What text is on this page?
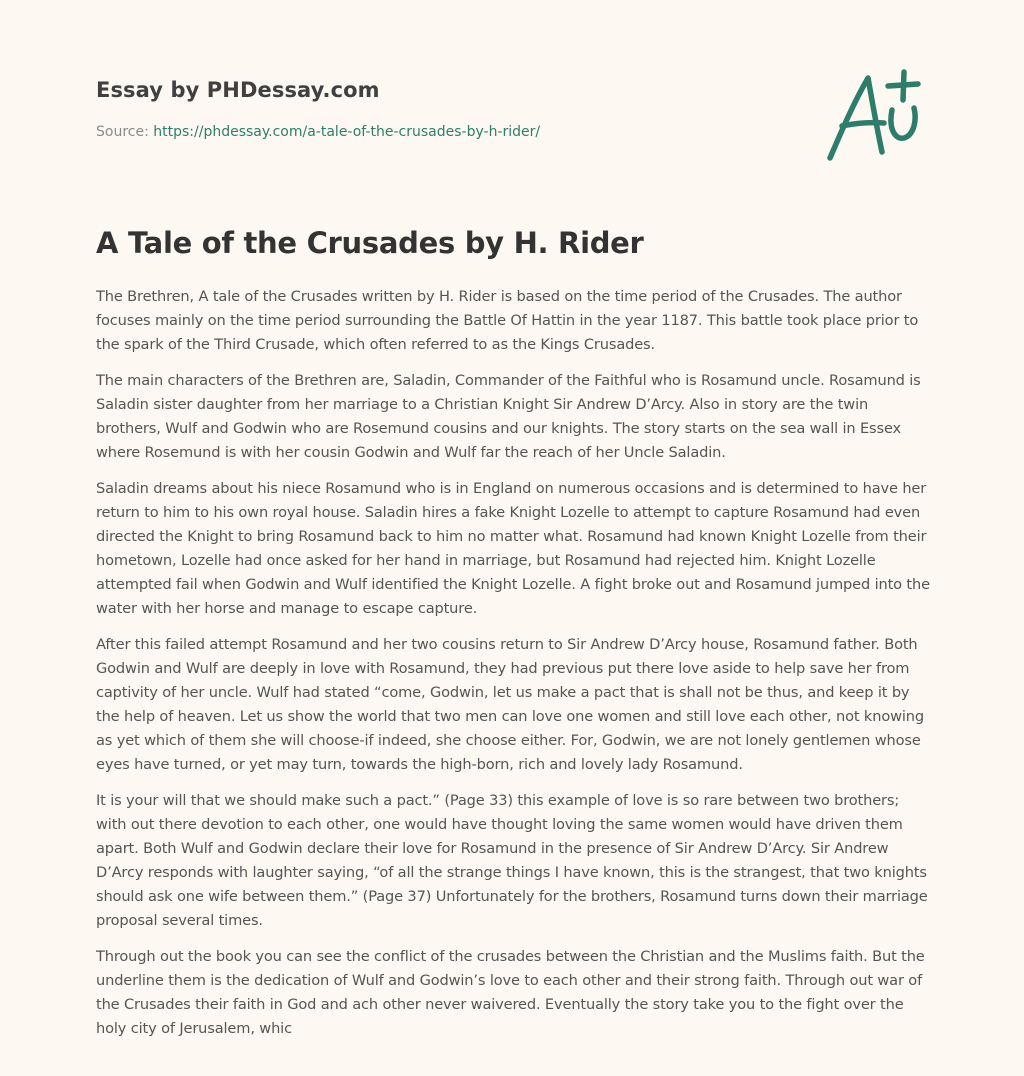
Essay by PHDessay.com
Source: https://phdessay.com/a-tale-of-the-crusades-by-h-rider/
A Tale of the Crusades by H. Rider

The Brethren, A tale of the Crusades written by H. Rider is based on the time period of the Crusades. The author focuses mainly on the time period surrounding the Battle Of Hattin in the year 1187. This battle took place prior to the spark of the Third Crusade, which often referred to as the Kings Crusades.

The main characters of the Brethren are, Saladin, Commander of the Faithful who is Rosamund uncle. Rosamund is Saladin sister daughter from her marriage to a Christian Knight Sir Andrew D’Arcy. Also in story are the twin brothers, Wulf and Godwin who are Rosemund cousins and our knights. The story starts on the sea wall in Essex where Rosemund is with her cousin Godwin and Wulf far the reach of her Uncle Saladin.

Saladin dreams about his niece Rosamund who is in England on numerous occasions and is determined to have her return to him to his own royal house. Saladin hires a fake Knight Lozelle to attempt to capture Rosamund had even directed the Knight to bring Rosamund back to him no matter what. Rosamund had known Knight Lozelle from their hometown, Lozelle had once asked for her hand in marriage, but Rosamund had rejected him. Knight Lozelle attempted fail when Godwin and Wulf identified the Knight Lozelle. A fight broke out and Rosamund jumped into the water with her horse and manage to escape capture.

After this failed attempt Rosamund and her two cousins return to Sir Andrew D’Arcy house, Rosamund father. Both Godwin and Wulf are deeply in love with Rosamund, they had previous put there love aside to help save her from captivity of her uncle. Wulf had stated “come, Godwin, let us make a pact that is shall not be thus, and keep it by the help of heaven. Let us show the world that two men can love one women and still love each other, not knowing as yet which of them she will choose-if indeed, she choose either. For, Godwin, we are not lonely gentlemen whose eyes have turned, or yet may turn, towards the high-born, rich and lovely lady Rosamund.

It is your will that we should make such a pact.” (Page 33) this example of love is so rare between two brothers; with out there devotion to each other, one would have thought loving the same women would have driven them apart. Both Wulf and Godwin declare their love for Rosamund in the presence of Sir Andrew D’Arcy. Sir Andrew D’Arcy responds with laughter saying, “of all the strange things I have known, this is the strangest, that two knights should ask one wife between them.” (Page 37) Unfortunately for the brothers, Rosamund turns down their marriage proposal several times.

Through out the book you can see the conflict of the crusades between the Christian and the Muslims faith. But the underline them is the dedication of Wulf and Godwin’s love to each other and their strong faith. Through out war of the Crusades their faith in God and ach other never waivered. Eventually the story take you to the fight over the holy city of Jerusalem, whic
